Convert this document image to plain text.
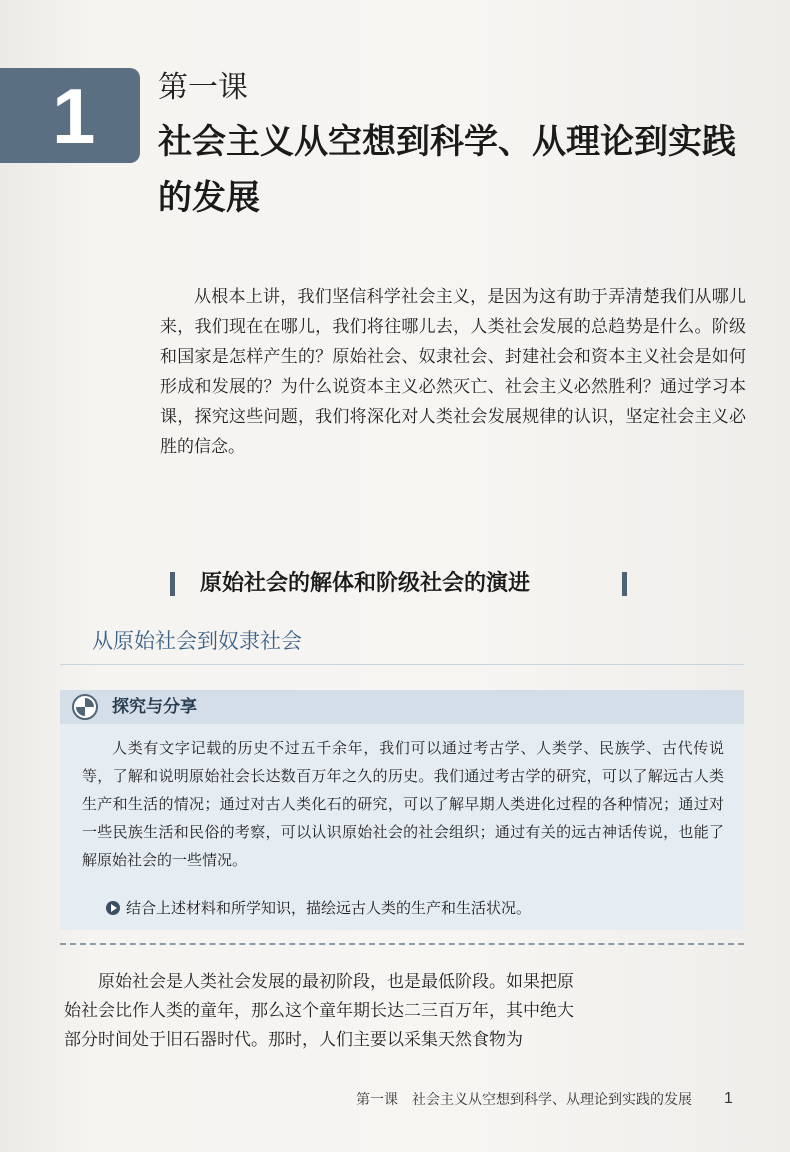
1 第一课
社会主义从空想到科学、从理论到实践的发展

从根本上讲，我们坚信科学社会主义，是因为这有助于弄清楚我们从哪儿来，我们现在在哪儿，我们将往哪儿去，人类社会发展的总趋势是什么。阶级和国家是怎样产生的？原始社会、奴隶社会、封建社会和资本主义社会是如何形成和发展的？为什么说资本主义必然灭亡、社会主义必然胜利？通过学习本课，探究这些问题，我们将深化对人类社会发展规律的认识，坚定社会主义必胜的信念。

原始社会的解体和阶级社会的演进
从原始社会到奴隶社会
探究与分享

人类有文字记载的历史不过五千余年，我们可以通过考古学、人类学、民族学、古代传说等，了解和说明原始社会长达数百万年之久的历史。我们通过考古学的研究，可以了解远古人类生产和生活的情况；通过对古人类化石的研究，可以了解早期人类进化过程的各种情况；通过对一些民族生活和民俗的考察，可以认识原始社会的社会组织；通过有关的远古神话传说，也能了解原始社会的一些情况。

结合上述材料和所学知识，描绘远古人类的生产和生活状况。

原始社会是人类社会发展的最初阶段，也是最低阶段。如果把原始社会比作人类的童年，那么这个童年期长达二三百万年，其中绝大部分时间处于旧石器时代。那时，人们主要以采集天然食物为

第一课　社会主义从空想到科学、从理论到实践的发展 1
